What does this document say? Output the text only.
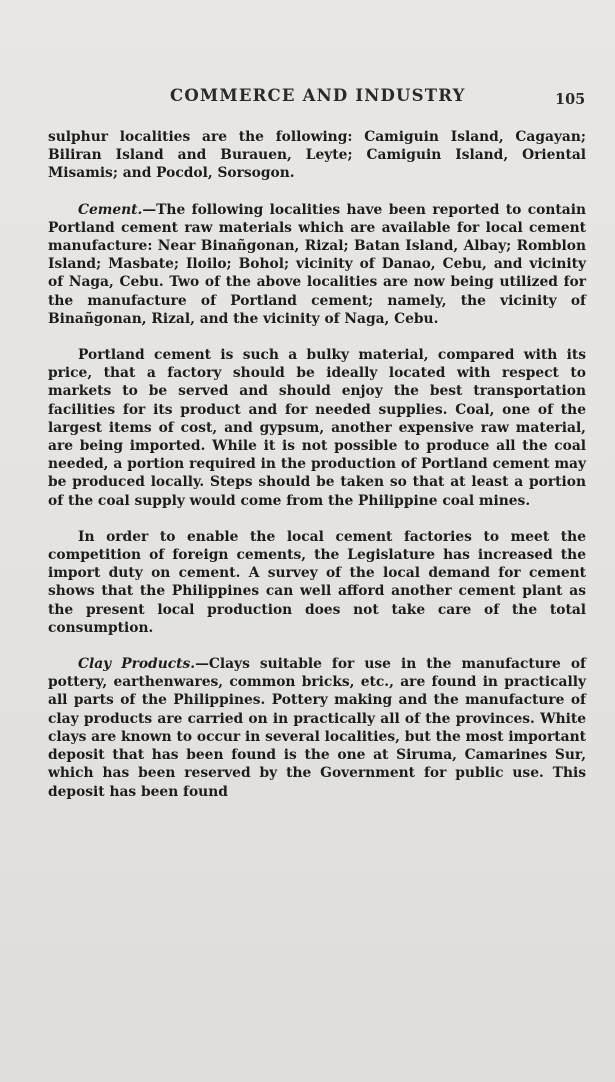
COMMERCE AND INDUSTRY	105

sulphur localities are the following: Camiguin Island, Cagayan; Biliran Island and Burauen, Leyte; Camiguin Island, Oriental Misamis; and Pocdol, Sorsogon.

Cement.—The following localities have been reported to contain Portland cement raw materials which are available for local cement manufacture: Near Binañgonan, Rizal; Batan Island, Albay; Romblon Island; Masbate; Iloilo; Bohol; vicinity of Danao, Cebu, and vicinity of Naga, Cebu. Two of the above localities are now being utilized for the manufacture of Portland cement; namely, the vicinity of Binañgonan, Rizal, and the vicinity of Naga, Cebu.

Portland cement is such a bulky material, compared with its price, that a factory should be ideally located with respect to markets to be served and should enjoy the best transportation facilities for its product and for needed supplies. Coal, one of the largest items of cost, and gypsum, another expensive raw material, are being imported. While it is not possible to produce all the coal needed, a portion required in the production of Portland cement may be produced locally. Steps should be taken so that at least a portion of the coal supply would come from the Philippine coal mines.

In order to enable the local cement factories to meet the competition of foreign cements, the Legislature has increased the import duty on cement. A survey of the local demand for cement shows that the Philippines can well afford another cement plant as the present local production does not take care of the total consumption.

Clay Products.—Clays suitable for use in the manufacture of pottery, earthenwares, common bricks, etc., are found in practically all parts of the Philippines. Pottery making and the manufacture of clay products are carried on in practically all of the provinces. White clays are known to occur in several localities, but the most important deposit that has been found is the one at Siruma, Camarines Sur, which has been reserved by the Government for public use. This deposit has been found
